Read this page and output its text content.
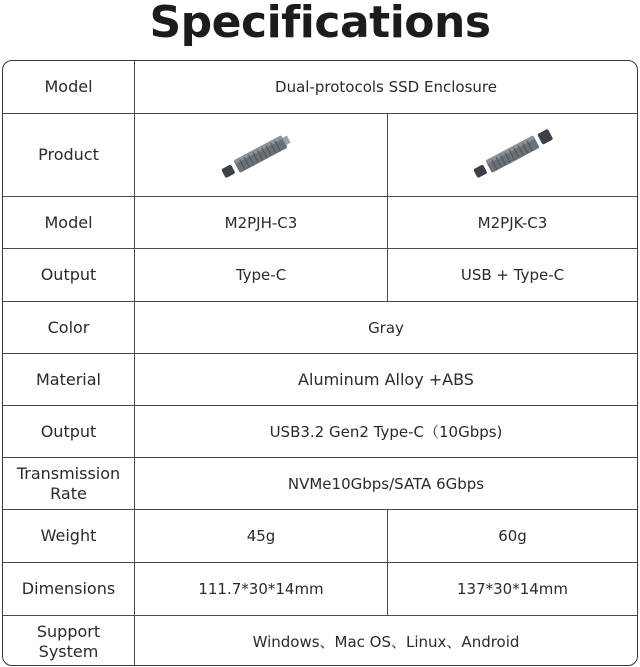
Specifications
Model	Dual-protocols SSD Enclosure
Product
Model	M2PJH-C3	M2PJK-C3
Output	Type-C	USB + Type-C
Color	Gray
Material	Aluminum Alloy +ABS
Output	USB3.2 Gen2 Type-C（10Gbps)
Transmission
Rate	NVMe10Gbps/SATA 6Gbps
Weight	45g	60g
Dimensions	111.7*30*14mm	137*30*14mm
Support
System	Windows、Mac OS、Linux、Android
